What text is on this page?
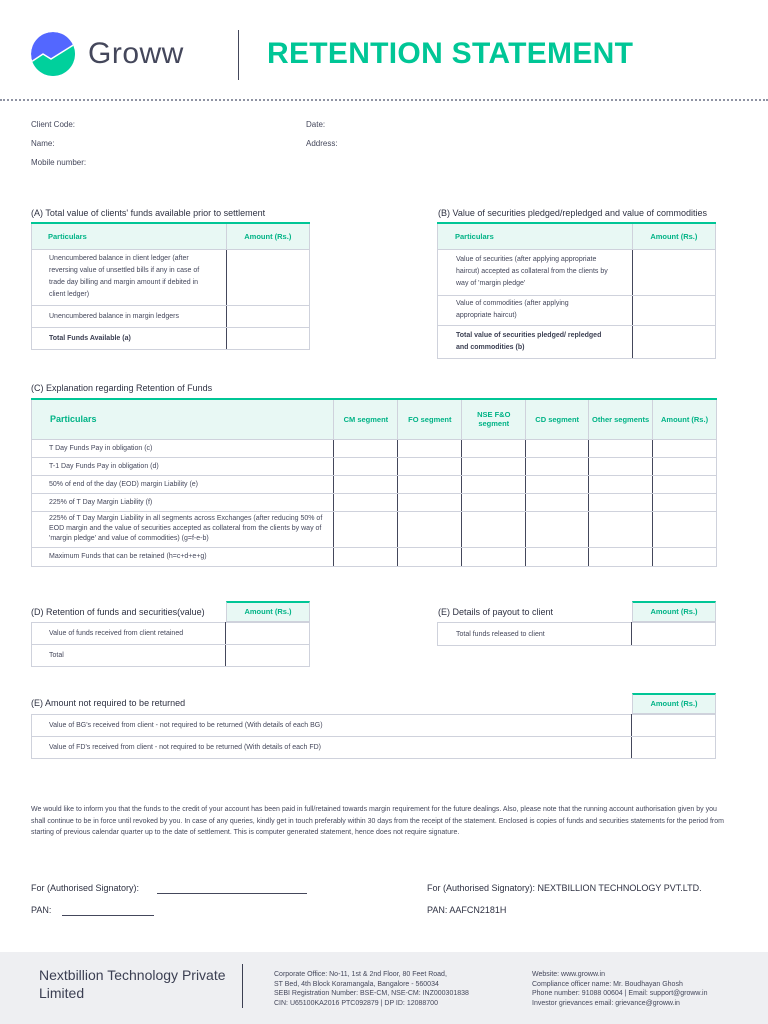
Groww	RETENTION STATEMENT
Client Code:
Name:
Mobile number:
Date:
Address:
(A) Total value of clients' funds available prior to settlement
Particulars	Amount (Rs.)
Unencumbered balance in client ledger (after reversing value of unsettled bills if any in case of trade day billing and margin amount if debited in client ledger)	
Unencumbered balance in margin ledgers	
Total Funds Available (a)	
(B) Value of securities pledged/repledged and value of commodities
Particulars	Amount (Rs.)
Value of securities (after applying appropriate haircut) accepted as collateral from the clients by way of 'margin pledge'	
Value of commodities (after applying appropriate haircut)	
Total value of securities pledged/ repledged and commodities (b)	
(C) Explanation regarding Retention of Funds
Particulars	CM segment	FO segment	NSE F&O segment	CD segment	Other segments	Amount (Rs.)
T Day Funds Pay in obligation (c)						
T-1 Day Funds Pay in obligation (d)						
50% of end of the day (EOD) margin Liability (e)						
225% of T Day Margin Liability (f)						
225% of T Day Margin Liability in all segments across Exchanges (after reducing 50% of EOD margin and the value of securities accepted as collateral from the clients by way of 'margin pledge' and value of commodities) (g=f-e-b)						
Maximum Funds that can be retained (h=c+d+e+g)						
(D) Retention of funds and securities(value)	Amount (Rs.)
Value of funds received from client retained	
Total	
(E) Details of payout to client	Amount (Rs.)
Total funds released to client	
(E) Amount not required to be returned	Amount (Rs.)
Value of BG's received from client - not required to be returned (With details of each BG)	
Value of FD's received from client - not required to be returned (With details of each FD)	
We would like to inform you that the funds to the credit of your account has been paid in full/retained towards margin requirement for the future dealings. Also, please note that the running account authorisation given by you shall continue to be in force until revoked by you. In case of any queries, kindly get in touch preferably within 30 days from the receipt of the statement. Enclosed is copies of funds and securities statements for the period from starting of previous calendar quarter up to the date of settlement. This is computer generated statement, hence does not require signature.
For (Authorised Signatory):
PAN:
For (Authorised Signatory): NEXTBILLION TECHNOLOGY PVT.LTD.
PAN: AAFCN2181H
Nextbillion Technology Private Limited
Corporate Office: No-11, 1st & 2nd Floor, 80 Feet Road,
ST Bed, 4th Block Koramangala, Bangalore - 560034
SEBI Registration Number: BSE-CM, NSE-CM: INZ000301838
CIN: U65100KA2016 PTC092879 | DP ID: 12088700
Website: www.groww.in
Compliance officer name: Mr. Boudhayan Ghosh
Phone number: 91088 00604 | Email: support@groww.in
Investor grievances email: grievance@groww.in
